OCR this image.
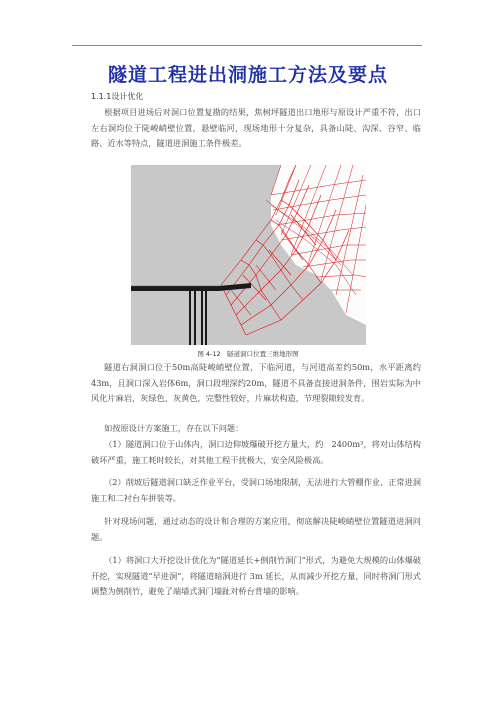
隧道工程进出洞施工方法及要点
1.1.1设计优化

根据项目进场后对洞口位置复勘的结果，焦树坪隧道出口地形与原设计严重不符，出口左右洞均位于陡峻峭壁位置，悬壁临河，现场地形十分复杂，具备山陡、沟深、谷窄、临路、近水等特点，隧道进洞施工条件极差。

图 4-12　隧道洞口位置三维地形图

隧道右洞洞口位于50m高陡峻峭壁位置，下临河道，与河道高差约50m，水平距离约43m，且洞口深入岩体6m，洞口段埋深约20m，隧道不具备直接进洞条件，围岩实际为中风化片麻岩，灰绿色、灰黄色，完整性较好，片麻状构造，节理裂隙较发育。

如按原设计方案施工，存在以下问题：

（1）隧道洞口位于山体内，洞口边仰坡爆破开挖方量大，约　2400m³，将对山体结构破坏严重，施工耗时较长，对其他工程干扰极大，安全风险极高。

（2）削坡后隧道洞口缺乏作业平台，受洞口场地限制，无法进行大管棚作业、正常进洞施工和二衬台车拼装等。

针对现场问题，通过动态的设计和合理的方案应用，彻底解决陡峻峭壁位置隧道进洞问题。

（1）将洞口大开挖设计优化为“隧道延长+倒削竹洞门”形式，为避免大规模的山体爆破开挖，实现隧道“早进洞”，将隧道暗洞进行 3m 延长，从而减少开挖方量，同时将洞门形式调整为倒削竹，避免了端墙式洞门墙趾对桥台背墙的影响。
